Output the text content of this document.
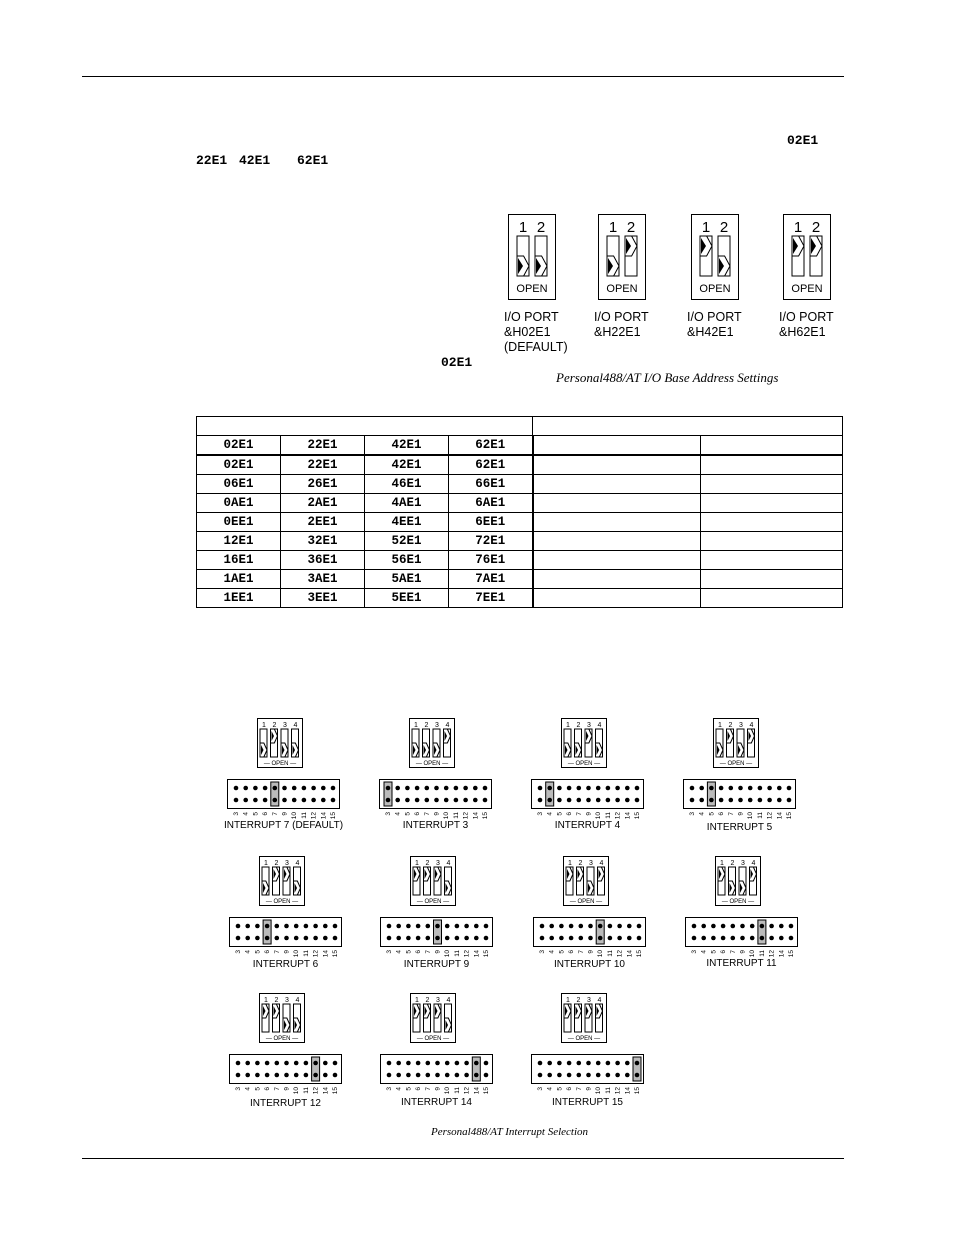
02E1
22E1 42E1 62E1
02E1
1 2
OPEN
I/O PORT
&H02E1
(DEFAULT)
1 2
OPEN
I/O PORT
&H22E1
1 2
OPEN
I/O PORT
&H42E1
1 2
OPEN
I/O PORT
&H62E1
Personal488/AT I/O Base Address Settings

02E1	22E1	42E1	62E1		
02E1	22E1	42E1	62E1		
06E1	26E1	46E1	66E1		
0AE1	2AE1	4AE1	6AE1		
0EE1	2EE1	4EE1	6EE1		
12E1	32E1	52E1	72E1		
16E1	36E1	56E1	76E1		
1AE1	3AE1	5AE1	7AE1		
1EE1	3EE1	5EE1	7EE1		
1 2 3 4
— OPEN —
3 4 5 6 7 9 10 11 12 14 15
INTERRUPT 7 (DEFAULT)
1 2 3 4
— OPEN —
3 4 5 6 7 9 10 11 12 14 15
INTERRUPT 3
1 2 3 4
— OPEN —
3 4 5 6 7 9 10 11 12 14 15
INTERRUPT 4
1 2 3 4
— OPEN —
3 4 5 6 7 9 10 11 12 14 15
INTERRUPT 5
1 2 3 4
— OPEN —
3 4 5 6 7 9 10 11 12 14 15
INTERRUPT 6
1 2 3 4
— OPEN —
3 4 5 6 7 9 10 11 12 14 15
INTERRUPT 9
1 2 3 4
— OPEN —
3 4 5 6 7 9 10 11 12 14 15
INTERRUPT 10
1 2 3 4
— OPEN —
3 4 5 6 7 9 10 11 12 14 15
INTERRUPT 11
1 2 3 4
— OPEN —
3 4 5 6 7 9 10 11 12 14 15
INTERRUPT 12
1 2 3 4
— OPEN —
3 4 5 6 7 9 10 11 12 14 15
INTERRUPT 14
1 2 3 4
— OPEN —
3 4 5 6 7 9 10 11 12 14 15
INTERRUPT 15
Personal488/AT Interrupt Selection
